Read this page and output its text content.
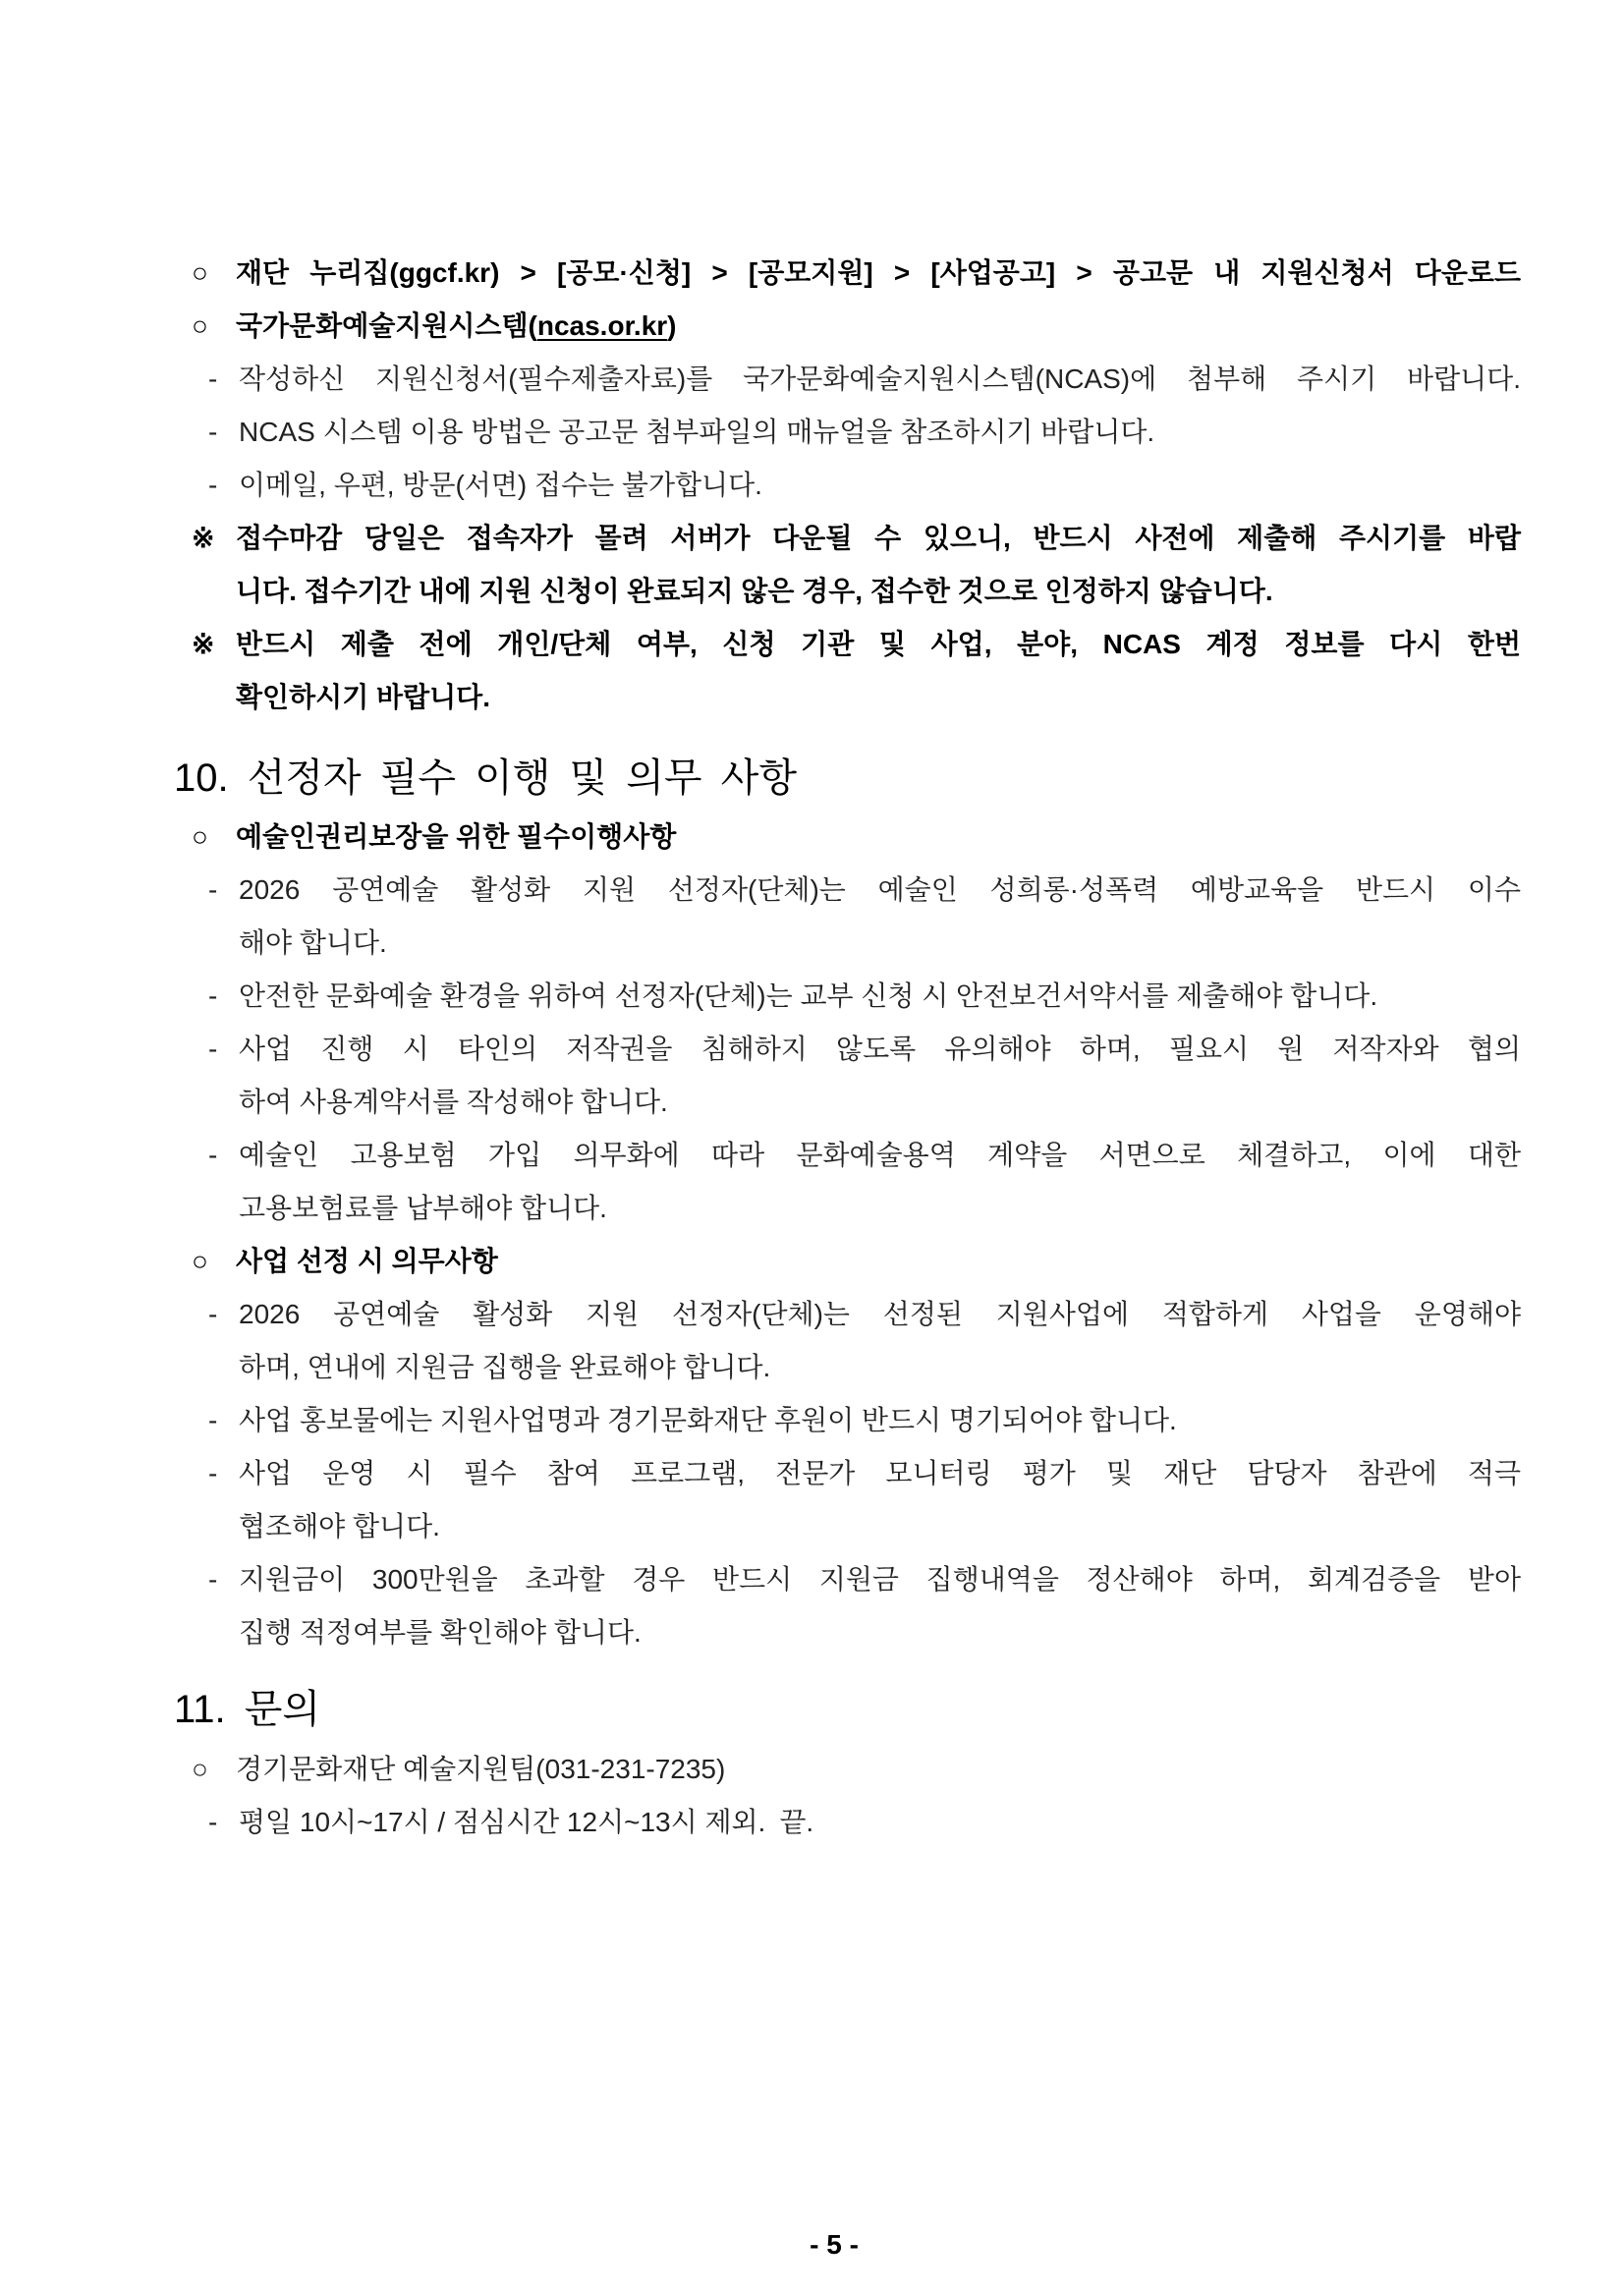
○	재단 누리집(ggcf.kr) > [공모·신청] > [공모지원] > [사업공고] > 공고문 내 지원신청서 다운로드
○	국가문화예술지원시스템(ncas.or.kr)
- 작성하신 지원신청서(필수제출자료)를 국가문화예술지원시스템(NCAS)에 첨부해 주시기 바랍니다.
- NCAS 시스템 이용 방법은 공고문 첨부파일의 매뉴얼을 참조하시기 바랍니다.
- 이메일, 우편, 방문(서면) 접수는 불가합니다.
※ 접수마감 당일은 접속자가 몰려 서버가 다운될 수 있으니, 반드시 사전에 제출해 주시기를 바랍
니다. 접수기간 내에 지원 신청이 완료되지 않은 경우, 접수한 것으로 인정하지 않습니다.
※ 반드시 제출 전에 개인/단체 여부, 신청 기관 및 사업, 분야, NCAS 계정 정보를 다시 한번
확인하시기 바랍니다.
10. 선정자 필수 이행 및 의무 사항
○	예술인권리보장을 위한 필수이행사항
- 2026 공연예술 활성화 지원 선정자(단체)는 예술인 성희롱·성폭력 예방교육을 반드시 이수
해야 합니다.
- 안전한 문화예술 환경을 위하여 선정자(단체)는 교부 신청 시 안전보건서약서를 제출해야 합니다.
- 사업 진행 시 타인의 저작권을 침해하지 않도록 유의해야 하며, 필요시 원 저작자와 협의
하여 사용계약서를 작성해야 합니다.
- 예술인 고용보험 가입 의무화에 따라 문화예술용역 계약을 서면으로 체결하고, 이에 대한
고용보험료를 납부해야 합니다.
○	사업 선정 시 의무사항
- 2026 공연예술 활성화 지원 선정자(단체)는 선정된 지원사업에 적합하게 사업을 운영해야
하며, 연내에 지원금 집행을 완료해야 합니다.
- 사업 홍보물에는 지원사업명과 경기문화재단 후원이 반드시 명기되어야 합니다.
- 사업 운영 시 필수 참여 프로그램, 전문가 모니터링 평가 및 재단 담당자 참관에 적극
협조해야 합니다.
- 지원금이 300만원을 초과할 경우 반드시 지원금 집행내역을 정산해야 하며, 회계검증을 받아
집행 적정여부를 확인해야 합니다.
11. 문의
○	경기문화재단 예술지원팀(031-231-7235)
- 평일 10시~17시 / 점심시간 12시~13시 제외. 끝.
- 5 -
